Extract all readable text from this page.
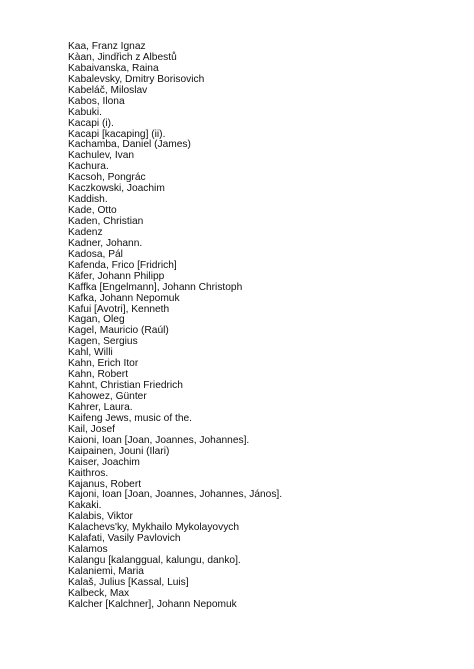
Kaa, Franz Ignaz
Kàan, Jindřich z Albestů
Kabaivanska, Raina
Kabalevsky, Dmitry Borisovich
Kabeláč, Miloslav
Kabos, Ilona
Kabuki.
Kacapi (i).
Kacapi [kacaping] (ii).
Kachamba, Daniel (James)
Kachulev, Ivan
Kachura.
Kacsoh, Pongrác
Kaczkowski, Joachim
Kaddish.
Kade, Otto
Kaden, Christian
Kadenz
Kadner, Johann.
Kadosa, Pál
Kafenda, Frico [Fridrich]
Käfer, Johann Philipp
Kaffka [Engelmann], Johann Christoph
Kafka, Johann Nepomuk
Kafui [Avotri], Kenneth
Kagan, Oleg
Kagel, Mauricio (Raúl)
Kagen, Sergius
Kahl, Willi
Kahn, Erich Itor
Kahn, Robert
Kahnt, Christian Friedrich
Kahowez, Günter
Kahrer, Laura.
Kaifeng Jews, music of the.
Kail, Josef
Kaioni, Ioan [Joan, Joannes, Johannes].
Kaipainen, Jouni (Ilari)
Kaiser, Joachim
Kaithros.
Kajanus, Robert
Kajoni, Ioan [Joan, Joannes, Johannes, János].
Kakaki.
Kalabis, Viktor
Kalachevs'ky, Mykhailo Mykolayovych
Kalafati, Vasily Pavlovich
Kalamos
Kalangu [kalanggual, kalungu, danko].
Kalaniemi, Maria
Kalaš, Julius [Kassal, Luis]
Kalbeck, Max
Kalcher [Kalchner], Johann Nepomuk
